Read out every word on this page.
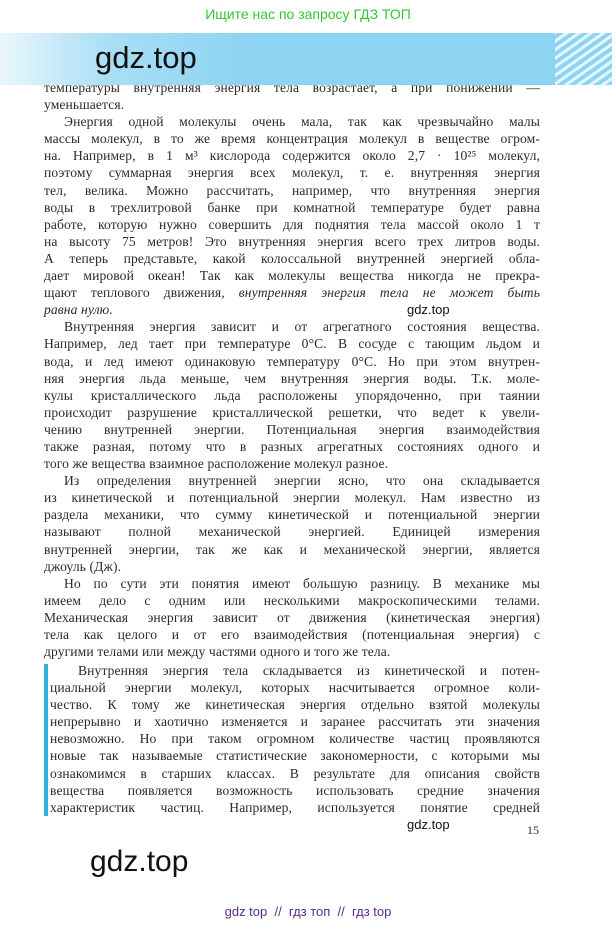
Ищите нас по запросу ГДЗ ТОП
gdz.top
температуры внутренняя энергия тела возрастает, а при понижении —
уменьшается.
Энергия одной молекулы очень мала, так как чрезвычайно малы
массы молекул, в то же время концентрация молекул в веществе огром-
на. Например, в 1 м³ кислорода содержится около 2,7 · 10²⁵ молекул,
поэтому суммарная энергия всех молекул, т. е. внутренняя энергия
тел, велика. Можно рассчитать, например, что внутренняя энергия
воды в трехлитровой банке при комнатной температуре будет равна
работе, которую нужно совершить для поднятия тела массой около 1 т
на высоту 75 метров! Это внутренняя энергия всего трех литров воды.
А теперь представьте, какой колоссальной внутренней энергией обла-
дает мировой океан! Так как молекулы вещества никогда не прекра-
щают теплового движения, внутренняя энергия тела не может быть
равна нулю.
Внутренняя энергия зависит и от агрегатного состояния вещества.
Например, лед тает при температуре 0°С. В сосуде с тающим льдом и
вода, и лед имеют одинаковую температуру 0°С. Но при этом внутрен-
няя энергия льда меньше, чем внутренняя энергия воды. Т.к. моле-
кулы кристаллического льда расположены упорядоченно, при таянии
происходит разрушение кристаллической решетки, что ведет к увели-
чению внутренней энергии. Потенциальная энергия взаимодействия
также разная, потому что в разных агрегатных состояниях одного и
того же вещества взаимное расположение молекул разное.
Из определения внутренней энергии ясно, что она складывается
из кинетической и потенциальной энергии молекул. Нам известно из
раздела механики, что сумму кинетической и потенциальной энергии
называют полной механической энергией. Единицей измерения
внутренней энергии, так же как и механической энергии, является
джоуль (Дж).
Но по сути эти понятия имеют большую разницу. В механике мы
имеем дело с одним или несколькими макроскопическими телами.
Механическая энергия зависит от движения (кинетическая энергия)
тела как целого и от его взаимодействия (потенциальная энергия) с
другими телами или между частями одного и того же тела.
gdz.top
Внутренняя энергия тела складывается из кинетической и потен-
циальной энергии молекул, которых насчитывается огромное коли-
чество. К тому же кинетическая энергия отдельно взятой молекулы
непрерывно и хаотично изменяется и заранее рассчитать эти значения
невозможно. Но при таком огромном количестве частиц проявляются
новые так называемые статистические закономерности, с которыми мы
ознакомимся в старших классах. В результате для описания свойств
вещества появляется возможность использовать средние значения
характеристик частиц. Например, используется понятие средней
gdz.top	15
gdz.top
gdz top  //  гдз топ  //  гдз top
